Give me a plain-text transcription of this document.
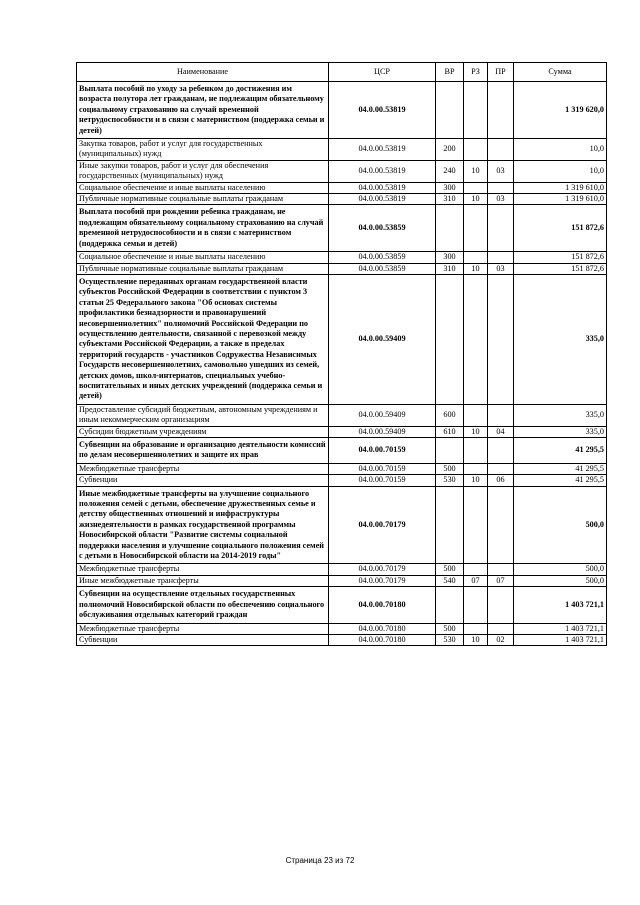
Наименование	ЦСР	ВР	РЗ	ПР	Сумма
Выплата пособий по уходу за ребенком до достижения им возраста полутора лет гражданам, не подлежащим обязательному социальному страхованию на случай временной нетрудоспособности и в связи с материнством (поддержка семьи и детей)	04.0.00.53819				1 319 620,0
Закупка товаров, работ и услуг для государственных (муниципальных) нужд	04.0.00.53819	200			10,0
Иные закупки товаров, работ и услуг для обеспечения государственных (муниципальных) нужд	04.0.00.53819	240	10	03	10,0
Социальное обеспечение и иные выплаты населению	04.0.00.53819	300			1 319 610,0
Публичные нормативные социальные выплаты гражданам	04.0.00.53819	310	10	03	1 319 610,0
Выплата пособий при рождении ребенка гражданам, не подлежащим обязательному социальному страхованию на случай временной нетрудоспособности и в связи с материнством (поддержка семьи и детей)	04.0.00.53859				151 872,6
Социальное обеспечение и иные выплаты населению	04.0.00.53859	300			151 872,6
Публичные нормативные социальные выплаты гражданам	04.0.00.53859	310	10	03	151 872,6
Осуществление переданных органам государственной власти субъектов Российской Федерации в соответствии с пунктом 3 статьи 25 Федерального закона "Об основах системы профилактики безнадзорности и правонарушений несовершеннолетних" полномочий Российской Федерации по осуществлению деятельности, связанной с перевозкой между субъектами Российской Федерации, а также в пределах территорий государств - участников Содружества Независимых Государств несовершеннолетних, самовольно ушедших из семей, детских домов, школ-интернатов, специальных учебно-воспитательных и иных детских учреждений (поддержка семьи и детей)	04.0.00.59409				335,0
Предоставление субсидий бюджетным, автономным учреждениям и иным некоммерческим организациям	04.0.00.59409	600			335,0
Субсидии бюджетным учреждениям	04.0.00.59409	610	10	04	335,0
Субвенции на образование и организацию деятельности комиссий по делам несовершеннолетних и защите их прав	04.0.00.70159				41 295,5
Межбюджетные трансферты	04.0.00.70159	500			41 295,5
Субвенции	04.0.00.70159	530	10	06	41 295,5
Иные межбюджетные трансферты на улучшение социального положения семей с детьми, обеспечение дружественных семье и детству общественных отношений и инфраструктуры жизнедеятельности в рамках государственной программы Новосибирской области "Развитие системы социальной поддержки населения и улучшение социального положения семей с детьми в Новосибирской области на 2014-2019 годы"	04.0.00.70179				500,0
Межбюджетные трансферты	04.0.00.70179	500			500,0
Иные межбюджетные трансферты	04.0.00.70179	540	07	07	500,0
Субвенции на осуществление отдельных государственных полномочий Новосибирской области по обеспечению социального обслуживания отдельных категорий граждан	04.0.00.70180				1 403 721,1
Межбюджетные трансферты	04.0.00.70180	500			1 403 721,1
Субвенции	04.0.00.70180	530	10	02	1 403 721,1
Страница 23 из 72
